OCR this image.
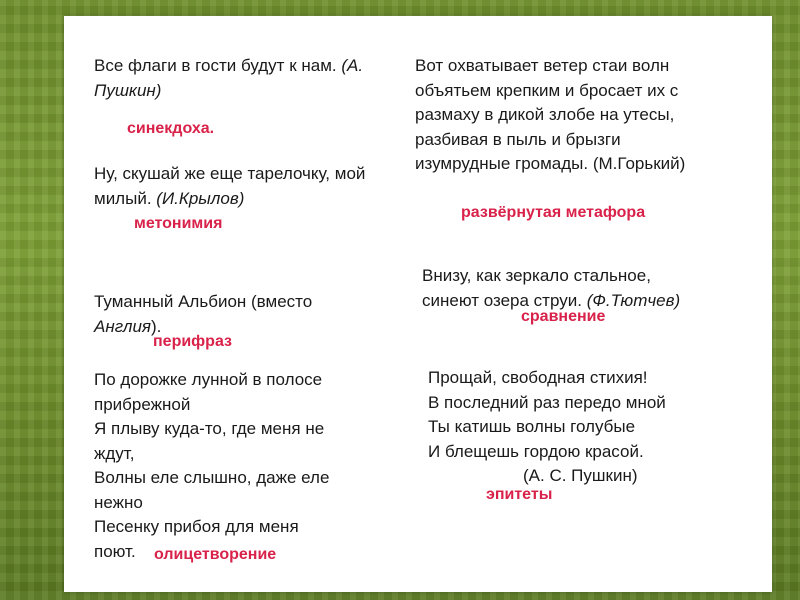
Все флаги в гости будут к нам. (А. Пушкин)

синекдоха.

Ну, скушай же еще тарелочку, мой милый. (И.Крылов)

метонимия

Туманный Альбион (вместо Англия).

перифраз

По дорожке лунной в полосе
прибрежной
Я плыву куда-то, где меня не
ждут,
Волны еле слышно, даже еле
нежно
Песенку прибоя для меня
поют.	олицетворение

Вот охватывает ветер стаи волн
объятьем крепким и бросает их с
размаху в дикой злобе на утесы,
разбивая в пыль и брызги
изумрудные громады. (М.Горький)

развёрнутая метафора

Внизу, как зеркало стальное,
синеют озера струи. (Ф.Тютчев)

сравнение

Прощай, свободная стихия!
В последний раз передо мной
Ты катишь волны голубые
И блещешь гордою красой.
(А. С. Пушкин)

эпитеты
